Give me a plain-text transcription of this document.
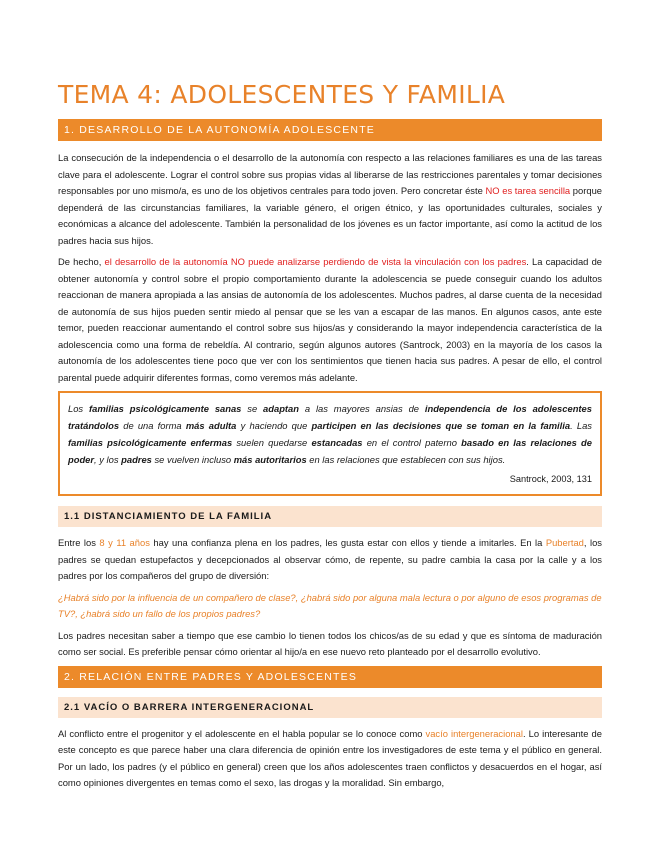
TEMA 4: ADOLESCENTES Y FAMILIA
1. DESARROLLO DE LA AUTONOMÍA ADOLESCENTE

La consecución de la independencia o el desarrollo de la autonomía con respecto a las relaciones familiares es una de las tareas clave para el adolescente. Lograr el control sobre sus propias vidas al liberarse de las restricciones parentales y tomar decisiones responsables por uno mismo/a, es uno de los objetivos centrales para todo joven. Pero concretar éste NO es tarea sencilla porque dependerá de las circunstancias familiares, la variable género, el origen étnico, y las oportunidades culturales, sociales y económicas a alcance del adolescente. También la personalidad de los jóvenes es un factor importante, así como la actitud de los padres hacia sus hijos.

De hecho, el desarrollo de la autonomía NO puede analizarse perdiendo de vista la vinculación con los padres. La capacidad de obtener autonomía y control sobre el propio comportamiento durante la adolescencia se puede conseguir cuando los adultos reaccionan de manera apropiada a las ansias de autonomía de los adolescentes. Muchos padres, al darse cuenta de la necesidad de autonomía de sus hijos pueden sentir miedo al pensar que se les van a escapar de las manos. En algunos casos, ante este temor, pueden reaccionar aumentando el control sobre sus hijos/as y considerando la mayor independencia característica de la adolescencia como una forma de rebeldía. Al contrario, según algunos autores (Santrock, 2003) en la mayoría de los casos la autonomía de los adolescentes tiene poco que ver con los sentimientos que tienen hacia sus padres. A pesar de ello, el control parental puede adquirir diferentes formas, como veremos más adelante.

Los familias psicológicamente sanas se adaptan a las mayores ansias de independencia de los adolescentes tratándolos de una forma más adulta y haciendo que participen en las decisiones que se toman en la familia. Las familias psicológicamente enfermas suelen quedarse estancadas en el control paterno basado en las relaciones de poder, y los padres se vuelven incluso más autoritarios en las relaciones que establecen con sus hijos.
Santrock, 2003, 131
1.1 DISTANCIAMIENTO DE LA FAMILIA

Entre los 8 y 11 años hay una confianza plena en los padres, les gusta estar con ellos y tiende a imitarles. En la Pubertad, los padres se quedan estupefactos y decepcionados al observar cómo, de repente, su padre cambia la casa por la calle y a los padres por los compañeros del grupo de diversión:

¿Habrá sido por la influencia de un compañero de clase?, ¿habrá sido por alguna mala lectura o por alguno de esos programas de TV?, ¿habrá sido un fallo de los propios padres?

Los padres necesitan saber a tiempo que ese cambio lo tienen todos los chicos/as de su edad y que es síntoma de maduración como ser social. Es preferible pensar cómo orientar al hijo/a en ese nuevo reto planteado por el desarrollo evolutivo.

2. RELACIÓN ENTRE PADRES Y ADOLESCENTES
2.1 VACÍO O BARRERA INTERGENERACIONAL

Al conflicto entre el progenitor y el adolescente en el habla popular se lo conoce como vacío intergeneracional. Lo interesante de este concepto es que parece haber una clara diferencia de opinión entre los investigadores de este tema y el público en general. Por un lado, los padres (y el público en general) creen que los años adolescentes traen conflictos y desacuerdos en el hogar, así como opiniones divergentes en temas como el sexo, las drogas y la moralidad. Sin embargo,
